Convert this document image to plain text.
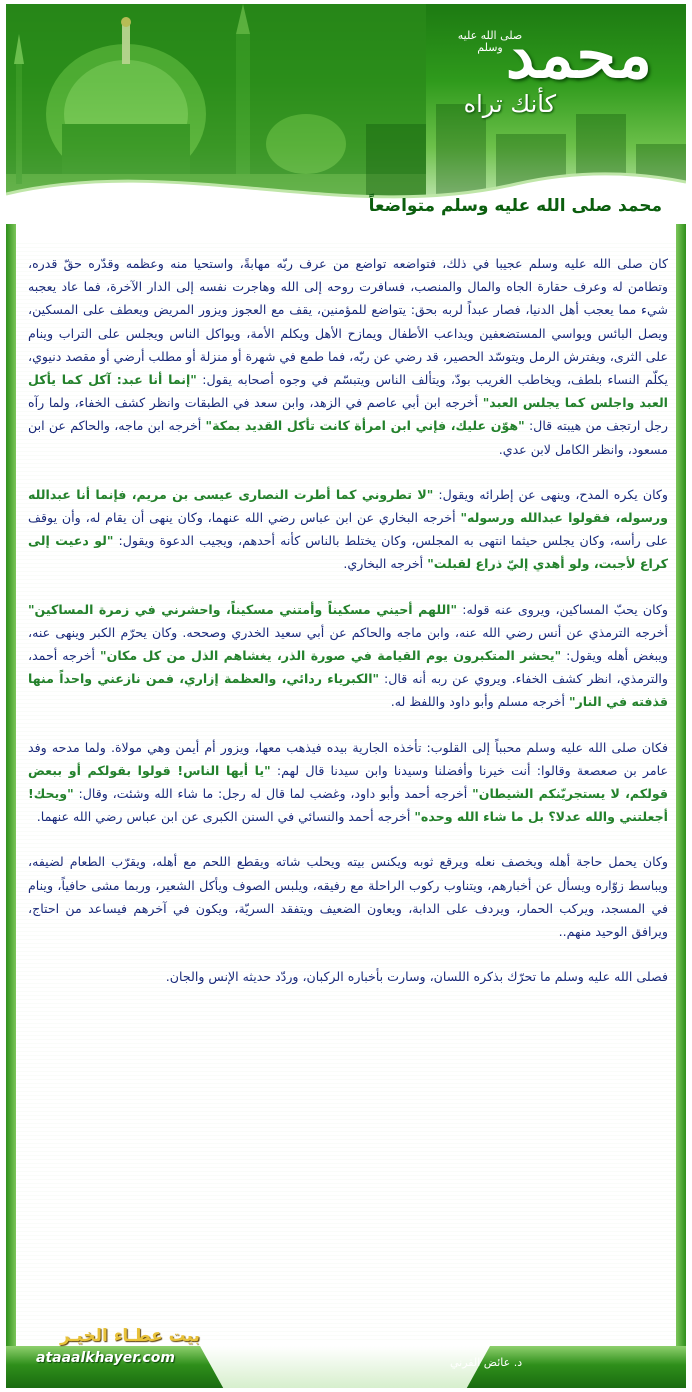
محمد
صلى الله عليه وسلم
كأنك تراه
محمد صلى الله عليه وسلم متواضعاً

كان صلى الله عليه وسلم عجيبا في ذلك، فتواضعه تواضع من عرف ربّه مهابةً، واستحيا منه وعظمه وقدّره حقّ قدره، وتطامن له وعرف حقارة الجاه والمال والمنصب، فسافرت روحه إلى الله وهاجرت نفسه إلى الدار الآخرة، فما عاد يعجبه شيء مما يعجب أهل الدنيا، فصار عبداً لربه بحق: يتواضع للمؤمنين، يقف مع العجوز ويزور المريض ويعطف على المسكين، ويصل البائس ويواسي المستضعفين ويداعب الأطفال ويمازح الأهل ويكلم الأمة، ويواكل الناس ويجلس على التراب وينام على الثرى، ويفترش الرمل ويتوسّد الحصير، قد رضي عن ربّه، فما طمع في شهرة أو منزلة أو مطلب أرضي أو مقصد دنيوي، يكلّم النساء بلطف، ويخاطب الغريب بودّ، ويتألف الناس ويتبسّم في وجوه أصحابه يقول: "إنما أنا عبد: آكل كما يأكل العبد واجلس كما يجلس العبد" أخرجه ابن أبي عاصم في الزهد، وابن سعد في الطبقات وانظر كشف الخفاء، ولما رآه رجل ارتجف من هيبته قال: "هوّن عليك، فإني ابن امرأة كانت تأكل القديد بمكة" أخرجه ابن ماجه، والحاكم عن ابن مسعود، وانظر الكامل لابن عدي.

وكان يكره المدح، وينهى عن إطرائه ويقول: "لا تطروني كما أطرت النصارى عيسى بن مريم، فإنما أنا عبدالله ورسوله، فقولوا عبدالله ورسوله" أخرجه البخاري عن ابن عباس رضي الله عنهما، وكان ينهى أن يقام له، وأن يوقف على رأسه، وكان يجلس حيثما انتهى به المجلس، وكان يختلط بالناس كأنه أحدهم، ويجيب الدعوة ويقول: "لو دعيت إلى كراع لأجبت، ولو أهدي إليّ ذراع لقبلت" أخرجه البخاري.

وكان يحبّ المساكين، ويروى عنه قوله: "اللهم أحيني مسكيناً وأمتني مسكيناً، واحشرني في زمرة المساكين" أخرجه الترمذي عن أنس رضي الله عنه، وابن ماجه والحاكم عن أبي سعيد الخدري وصححه. وكان يحرّم الكبر وينهى عنه، ويبغض أهله ويقول: "يحشر المتكبرون يوم القيامة في صورة الذر، يغشاهم الذل من كل مكان" أخرجه أحمد، والترمذي، انظر كشف الخفاء. ويروي عن ربه أنه قال: "الكبرياء ردائي، والعظمة إزاري، فمن نازعني واحداً منها قذفته في النار" أخرجه مسلم وأبو داود واللفظ له.

فكان صلى الله عليه وسلم محبباً إلى القلوب: تأخذه الجارية بيده فيذهب معها، ويزور أم أيمن وهي مولاة. ولما مدحه وفد عامر بن صعصعة وقالوا: أنت خيرنا وأفضلنا وسيدنا وابن سيدنا قال لهم: "يا أيها الناس! قولوا بقولكم أو ببعض قولكم، لا يستجريّنكم الشيطان" أخرجه أحمد وأبو داود، وغضب لما قال له رجل: ما شاء الله وشئت، وقال: "ويحك! أجعلتني والله عدلا؟ بل ما شاء الله وحده" أخرجه أحمد والنسائي في السنن الكبرى عن ابن عباس رضي الله عنهما.

وكان يحمل حاجة أهله ويخصف نعله ويرقع ثوبه ويكنس بيته ويحلب شاته ويقطع اللحم مع أهله، ويقرّب الطعام لضيفه، ويباسط زوّاره ويسأل عن أخبارهم، ويتناوب ركوب الراحلة مع رفيقه، ويلبس الصوف ويأكل الشعير، وربما مشى حافياً، وينام في المسجد، ويركب الحمار، ويردف على الدابة، ويعاون الضعيف ويتفقد السريّة، ويكون في آخرهم فيساعد من احتاج، ويرافق الوحيد منهم..

فصلى الله عليه وسلم ما تحرّك بذكره اللسان، وسارت بأخباره الركبان، وردّد حديثه الإنس والجان.

بيت عطـاء الخيـر
ataaalkhayer.com	د. عائض القرني
